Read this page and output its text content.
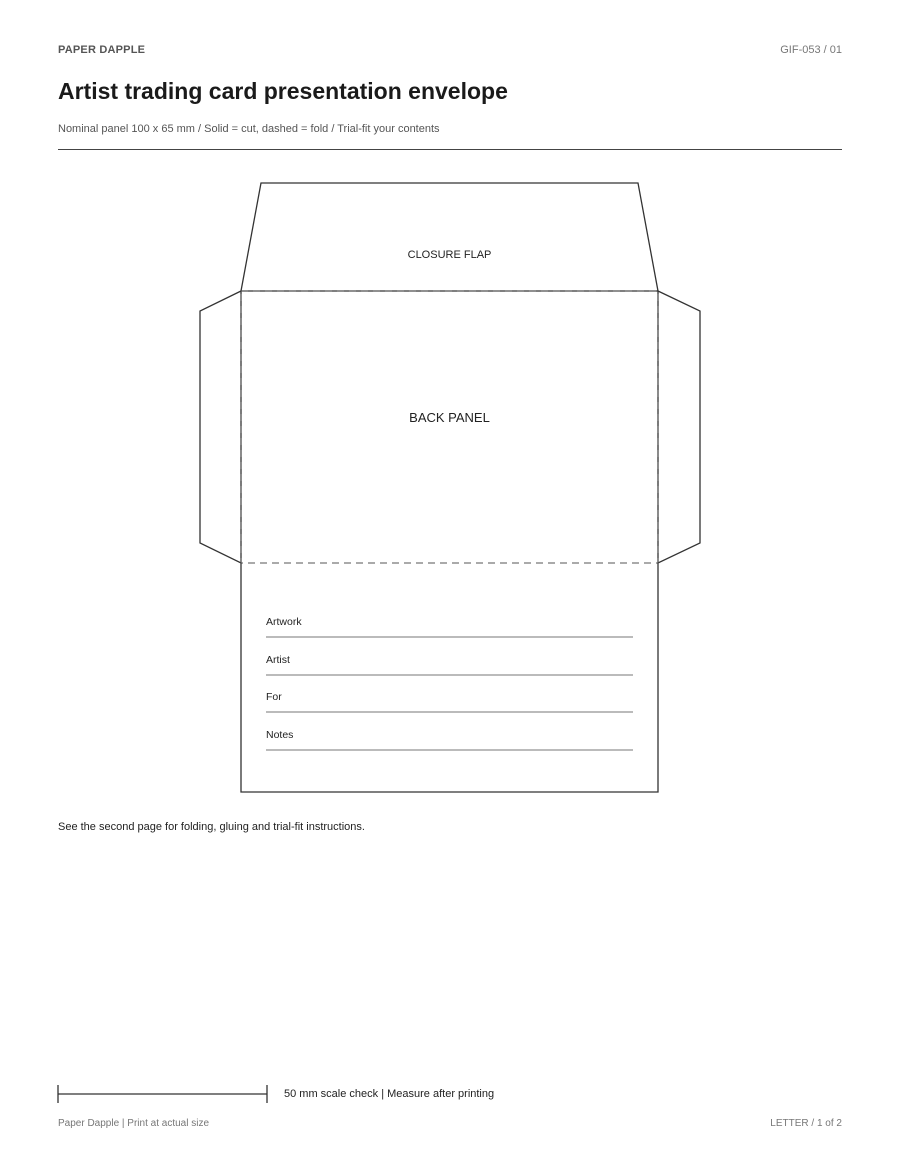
PAPER DAPPLE	GIF-053 / 01
Artist trading card presentation envelope
Nominal panel 100 x 65 mm / Solid = cut, dashed = fold / Trial-fit your contents
CLOSURE FLAP
BACK PANEL
Artwork
Artist
For
Notes
See the second page for folding, gluing and trial-fit instructions.
50 mm scale check | Measure after printing
Paper Dapple | Print at actual size	LETTER / 1 of 2
